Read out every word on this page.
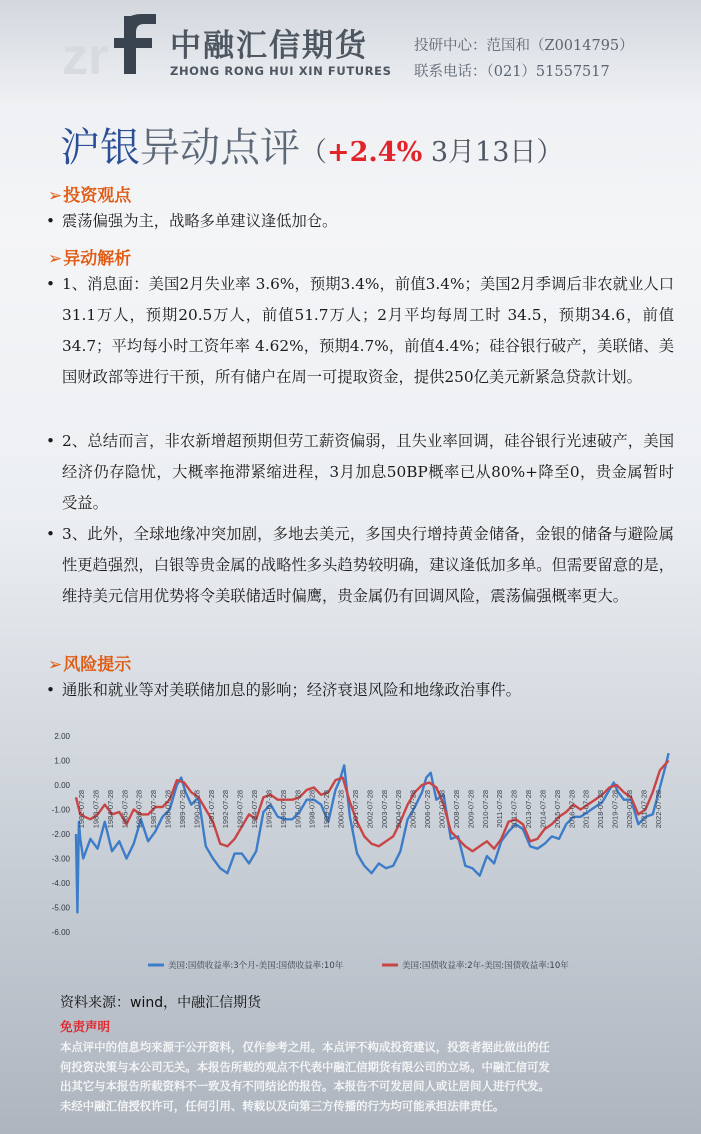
zr 中融汇信期货
ZHONG RONG HUI XIN FUTURES
投研中心：范国和（Z0014795）
联系电话：（021）51557517
沪银异动点评（+2.4% 3月13日）
➢投资观点
• 震荡偏强为主，战略多单建议逢低加仓。
➢异动解析
• 1、消息面：美国2月失业率 3.6%，预期3.4%，前值3.4%；美国2月季调后非农就业人口 31.1万人，预期20.5万人，前值51.7万人；2月平均每周工时 34.5，预期34.6，前值34.7；平均每小时工资年率 4.62%，预期4.7%，前值4.4%；硅谷银行破产，美联储、美国财政部等进行干预，所有储户在周一可提取资金，提供250亿美元新紧急贷款计划。
• 2、总结而言，非农新增超预期但劳工薪资偏弱，且失业率回调，硅谷银行光速破产，美国经济仍存隐忧，大概率拖滞紧缩进程，3月加息50BP概率已从80%+降至0，贵金属暂时受益。
• 3、此外，全球地缘冲突加剧，多地去美元，多国央行增持黄金储备，金银的储备与避险属性更趋强烈，白银等贵金属的战略性多头趋势较明确，建议逢低加多单。但需要留意的是，维持美元信用优势将令美联储适时偏鹰，贵金属仍有回调风险，震荡偏强概率更大。
➢风险提示
• 通胀和就业等对美联储加息的影响；经济衰退风险和地缘政治事件。
2.00
1.00
0.00
-1.00
-2.00
-3.00
-4.00
-5.00
-6.00
1982-07-28 1983-07-28 1984-07-28 1985-07-28 1986-07-28 1987-07-28 1988-07-28 1989-07-28 1990-07-28 1991-07-28 1992-07-28 1993-07-28 1994-07-28 1995-07-28 1996-07-28 1997-07-28 1998-07-28 1999-07-28 2000-07-28 2001-07-28 2002-07-28 2003-07-28 2004-07-28 2005-07-28 2006-07-28 2007-07-28 2008-07-28 2009-07-28 2010-07-28 2011-07-28 2012-07-28 2013-07-28 2014-07-28 2015-07-28 2016-07-28 2017-07-28 2018-07-28 2019-07-28 2020-07-28 2021-07-28 2022-07-28
美国:国债收益率:3个月-美国:国债收益率:10年	美国:国债收益率:2年-美国:国债收益率:10年
资料来源：wind，中融汇信期货
免责声明
本点评中的信息均来源于公开资料，仅作参考之用。本点评不构成投资建议，投资者据此做出的任
何投资决策与本公司无关。本报告所载的观点不代表中融汇信期货有限公司的立场。中融汇信可发
出其它与本报告所载资料不一致及有不同结论的报告。本报告不可发居间人或让居间人进行代发。
未经中融汇信授权许可，任何引用、转载以及向第三方传播的行为均可能承担法律责任。
